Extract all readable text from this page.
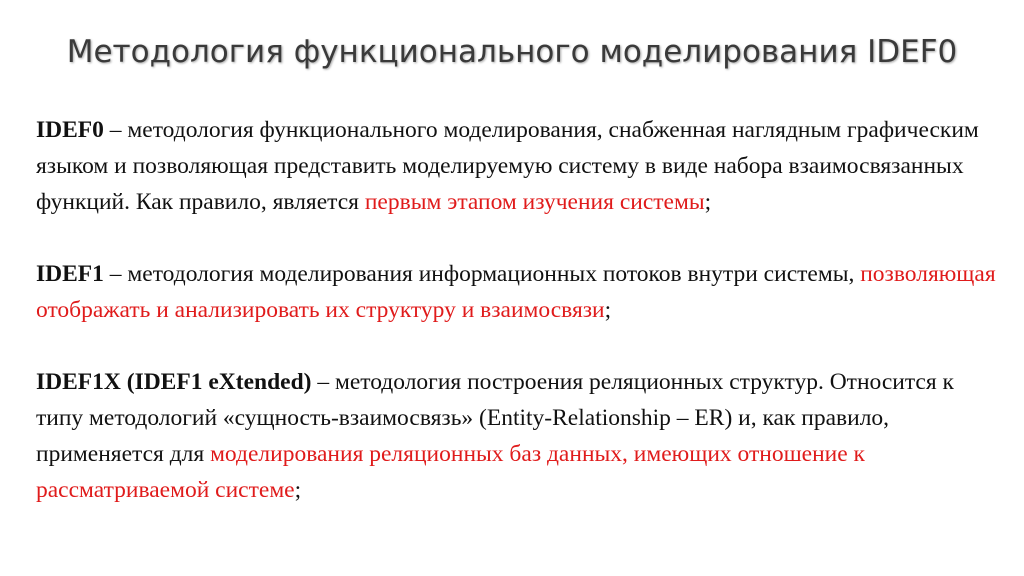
Методология функционального моделирования IDEF0

IDEF0 – методология функционального моделирования, снабженная наглядным графическим языком и позволяющая представить моделируемую систему в виде набора взаимосвязанных функций. Как правило, является первым этапом изучения системы;

IDEF1 – методология моделирования информационных потоков внутри системы, позволяющая отображать и анализировать их структуру и взаимосвязи;

IDEF1X (IDEF1 eXtended) – методология построения реляционных структур. Относится к типу методологий «сущность-взаимосвязь» (Entity-Relationship – ER) и, как правило, применяется для моделирования реляционных баз данных, имеющих отношение к рассматриваемой системе;
